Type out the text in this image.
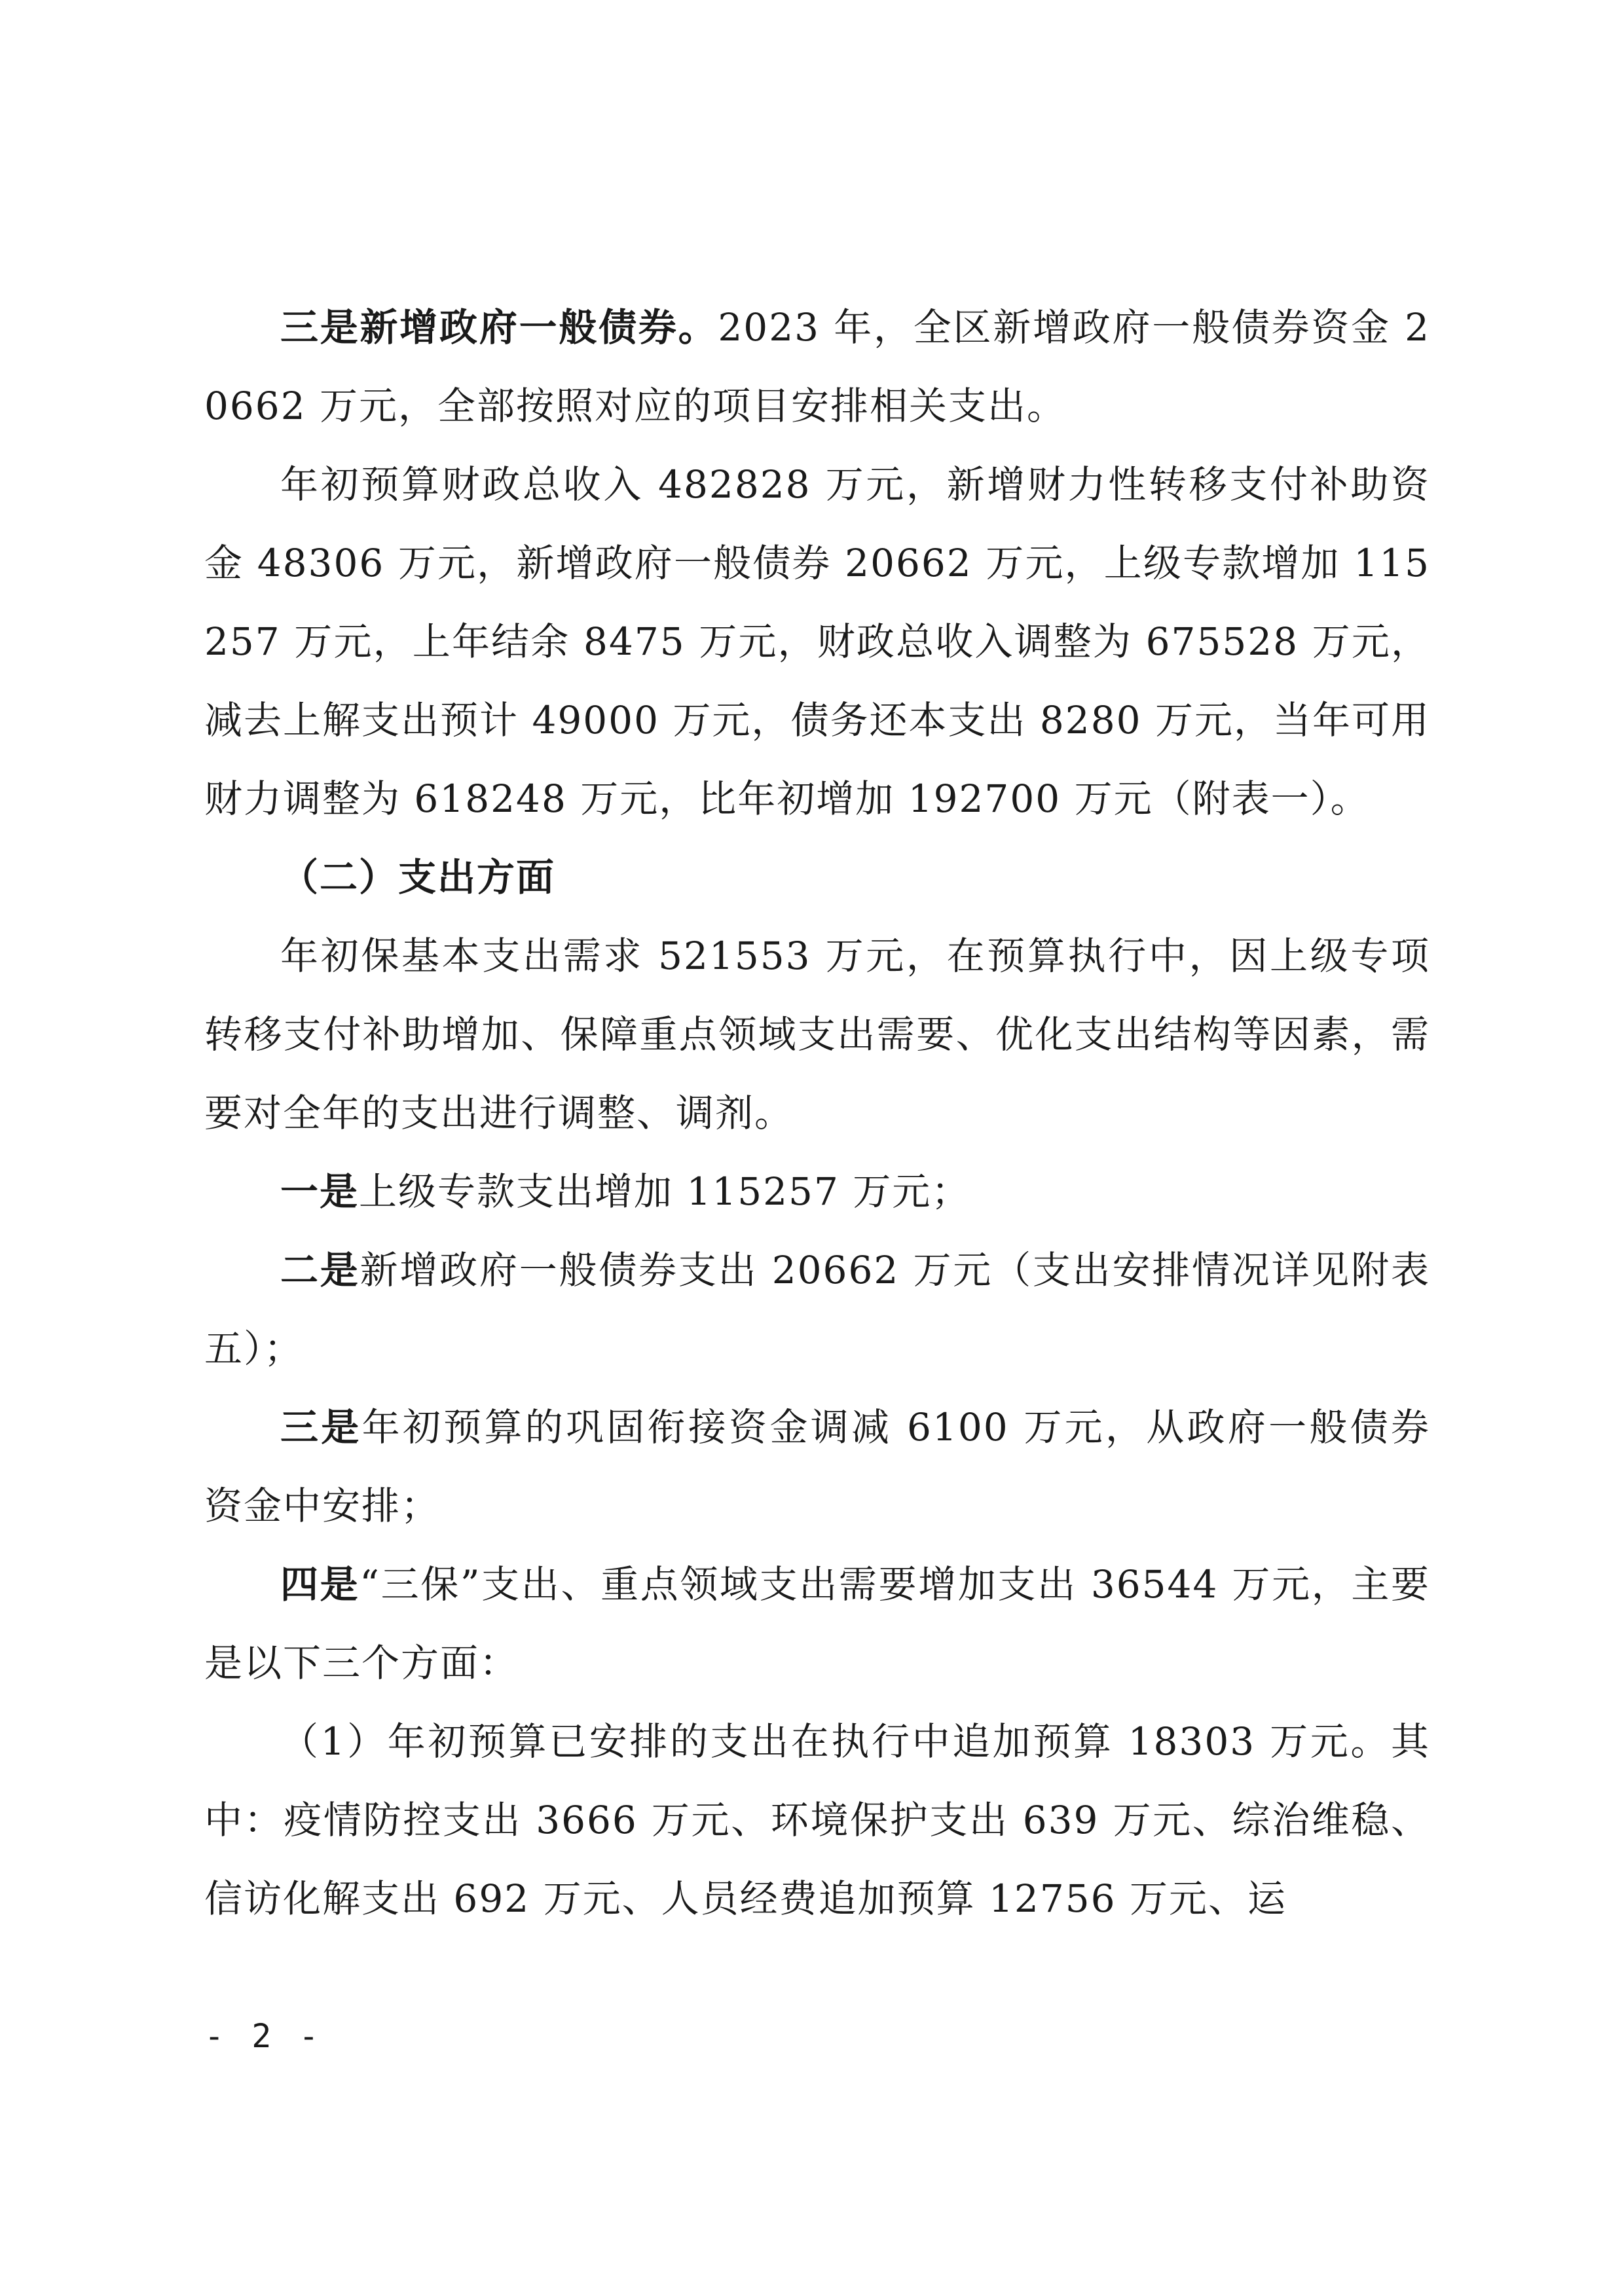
三是新增政府一般债券。2023 年，全区新增政府一般债券资金 20662 万元，全部按照对应的项目安排相关支出。

年初预算财政总收入 482828 万元，新增财力性转移支付补助资金 48306 万元，新增政府一般债券 20662 万元，上级专款增加 115257 万元，上年结余 8475 万元，财政总收入调整为 675528 万元，减去上解支出预计 49000 万元，债务还本支出 8280 万元，当年可用财力调整为 618248 万元，比年初增加 192700 万元（附表一）。

（二）支出方面

年初保基本支出需求 521553 万元，在预算执行中，因上级专项转移支付补助增加、保障重点领域支出需要、优化支出结构等因素，需要对全年的支出进行调整、调剂。

一是上级专款支出增加 115257 万元；

二是新增政府一般债券支出 20662 万元（支出安排情况详见附表五）；

三是年初预算的巩固衔接资金调减 6100 万元，从政府一般债券资金中安排；

四是“三保”支出、重点领域支出需要增加支出 36544 万元，主要是以下三个方面：

（1）年初预算已安排的支出在执行中追加预算 18303 万元。其中：疫情防控支出 3666 万元、环境保护支出 639 万元、综治维稳、信访化解支出 692 万元、人员经费追加预算 12756 万元、运

- 2 -
